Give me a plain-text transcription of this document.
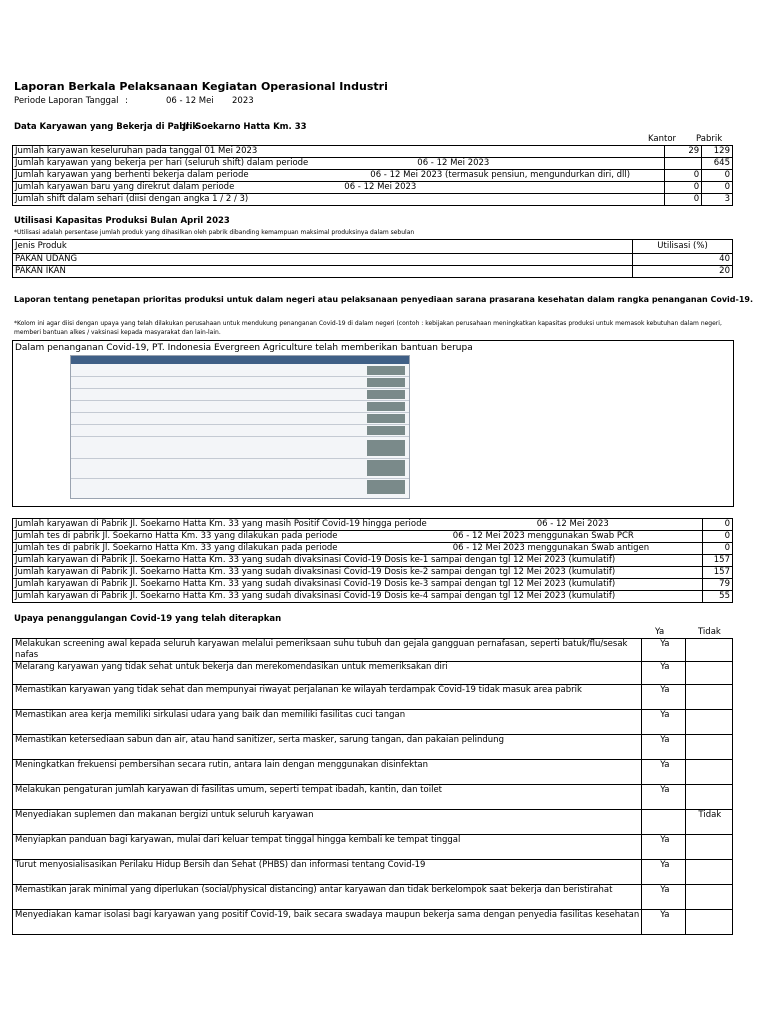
Laporan Berkala Pelaksanaan Kegiatan Operasional Industri
Periode Laporan Tanggal :	06 - 12 Mei 2023
Data Karyawan yang Bekerja di Pabrik
Jl. Soekarno Hatta Km. 33
Kantor Pabrik
Jumlah karyawan keseluruhan pada tanggal 01 Mei 2023		29	129
Jumlah karyawan yang bekerja per hari (seluruh shift) dalam periode	06 - 12 Mei 2023		645
Jumlah karyawan yang berhenti bekerja dalam periode	06 - 12 Mei 2023 (termasuk pensiun, mengundurkan diri, dll)	0	0
Jumlah karyawan baru yang direkrut dalam periode	06 - 12 Mei 2023	0	0
Jumlah shift dalam sehari (diisi dengan angka 1 / 2 / 3)		0	3
Utilisasi Kapasitas Produksi Bulan April 2023
*Utilisasi adalah persentase jumlah produk yang dihasilkan oleh pabrik dibanding kemampuan maksimal produksinya dalam sebulan
Jenis Produk	Utilisasi (%)
PAKAN UDANG	40
PAKAN IKAN	20
Laporan tentang penetapan prioritas produksi untuk dalam negeri atau pelaksanaan penyediaan sarana prasarana kesehatan dalam rangka penanganan Covid-19.
*Kolom ini agar diisi dengan upaya yang telah dilakukan perusahaan untuk mendukung penanganan Covid-19 di dalam negeri (contoh : kebijakan perusahaan meningkatkan kapasitas produksi untuk memasok kebutuhan dalam negeri,
memberi bantuan alkes / vaksinasi kepada masyarakat dan lain-lain.
Dalam penanganan Covid-19, PT. Indonesia Evergreen Agriculture telah memberikan bantuan berupa
Jumlah karyawan di Pabrik Jl. Soekarno Hatta Km. 33 yang masih Positif Covid-19 hingga periode	06 - 12 Mei 2023	0
Jumlah tes di pabrik Jl. Soekarno Hatta Km. 33 yang dilakukan pada periode	06 - 12 Mei 2023 menggunakan Swab PCR	0
Jumlah tes di pabrik Jl. Soekarno Hatta Km. 33 yang dilakukan pada periode	06 - 12 Mei 2023 menggunakan Swab antigen	0
Jumlah karyawan di Pabrik Jl. Soekarno Hatta Km. 33 yang sudah divaksinasi Covid-19 Dosis ke-1 sampai dengan tgl 12 Mei 2023 (kumulatif)		157
Jumlah karyawan di Pabrik Jl. Soekarno Hatta Km. 33 yang sudah divaksinasi Covid-19 Dosis ke-2 sampai dengan tgl 12 Mei 2023 (kumulatif)		157
Jumlah karyawan di Pabrik Jl. Soekarno Hatta Km. 33 yang sudah divaksinasi Covid-19 Dosis ke-3 sampai dengan tgl 12 Mei 2023 (kumulatif)		79
Jumlah karyawan di Pabrik Jl. Soekarno Hatta Km. 33 yang sudah divaksinasi Covid-19 Dosis ke-4 sampai dengan tgl 12 Mei 2023 (kumulatif)		55
Upaya penanggulangan Covid-19 yang telah diterapkan
Ya	Tidak
Melakukan screening awal kepada seluruh karyawan melalui pemeriksaan suhu tubuh dan gejala gangguan pernafasan, seperti batuk/flu/sesak nafas	Ya	
Melarang karyawan yang tidak sehat untuk bekerja dan merekomendasikan untuk memeriksakan diri	Ya	
Memastikan karyawan yang tidak sehat dan mempunyai riwayat perjalanan ke wilayah terdampak Covid-19 tidak masuk area pabrik	Ya	
Memastikan area kerja memiliki sirkulasi udara yang baik dan memiliki fasilitas cuci tangan	Ya	
Memastikan ketersediaan sabun dan air, atau hand sanitizer, serta masker, sarung tangan, dan pakaian pelindung	Ya	
Meningkatkan frekuensi pembersihan secara rutin, antara lain dengan menggunakan disinfektan	Ya	
Melakukan pengaturan jumlah karyawan di fasilitas umum, seperti tempat ibadah, kantin, dan toilet	Ya	
Menyediakan suplemen dan makanan bergizi untuk seluruh karyawan		Tidak
Menyiapkan panduan bagi karyawan, mulai dari keluar tempat tinggal hingga kembali ke tempat tinggal	Ya	
Turut menyosialisasikan Perilaku Hidup Bersih dan Sehat (PHBS) dan informasi tentang Covid-19	Ya	
Memastikan jarak minimal yang diperlukan (social/physical distancing) antar karyawan dan tidak berkelompok saat bekerja dan beristirahat	Ya	
Menyediakan kamar isolasi bagi karyawan yang positif Covid-19, baik secara swadaya maupun bekerja sama dengan penyedia fasilitas kesehatan	Ya	
